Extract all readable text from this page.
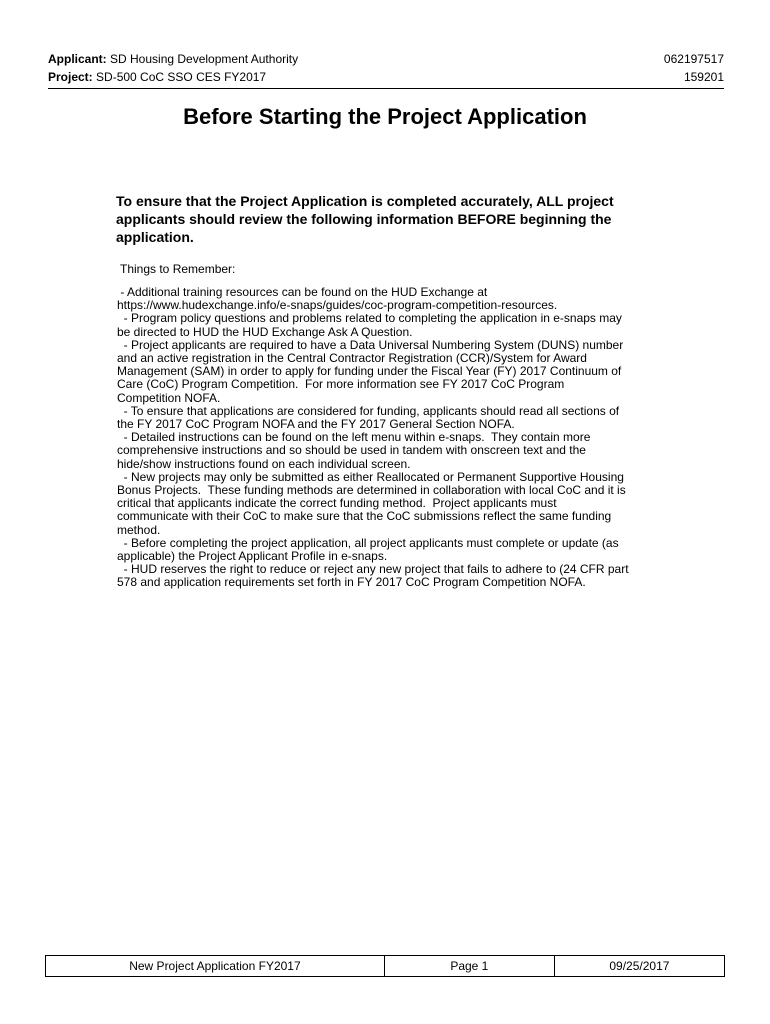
Applicant: SD Housing Development Authority	062197517
Project: SD-500 CoC SSO CES FY2017	159201
Before Starting the Project Application

To ensure that the Project Application is completed accurately, ALL project applicants should review the following information BEFORE beginning the application.

Things to Remember:
- Additional training resources can be found on the HUD Exchange at
https://www.hudexchange.info/e-snaps/guides/coc-program-competition-resources.
- Program policy questions and problems related to completing the application in e-snaps may
be directed to HUD the HUD Exchange Ask A Question.
- Project applicants are required to have a Data Universal Numbering System (DUNS) number
and an active registration in the Central Contractor Registration (CCR)/System for Award
Management (SAM) in order to apply for funding under the Fiscal Year (FY) 2017 Continuum of
Care (CoC) Program Competition.  For more information see FY 2017 CoC Program
Competition NOFA.
- To ensure that applications are considered for funding, applicants should read all sections of
the FY 2017 CoC Program NOFA and the FY 2017 General Section NOFA.
- Detailed instructions can be found on the left menu within e-snaps.  They contain more
comprehensive instructions and so should be used in tandem with onscreen text and the
hide/show instructions found on each individual screen.
- New projects may only be submitted as either Reallocated or Permanent Supportive Housing
Bonus Projects.  These funding methods are determined in collaboration with local CoC and it is
critical that applicants indicate the correct funding method.  Project applicants must
communicate with their CoC to make sure that the CoC submissions reflect the same funding
method.
- Before completing the project application, all project applicants must complete or update (as
applicable) the Project Applicant Profile in e-snaps.
- HUD reserves the right to reduce or reject any new project that fails to adhere to (24 CFR part
578 and application requirements set forth in FY 2017 CoC Program Competition NOFA.
New Project Application FY2017	Page 1	09/25/2017
